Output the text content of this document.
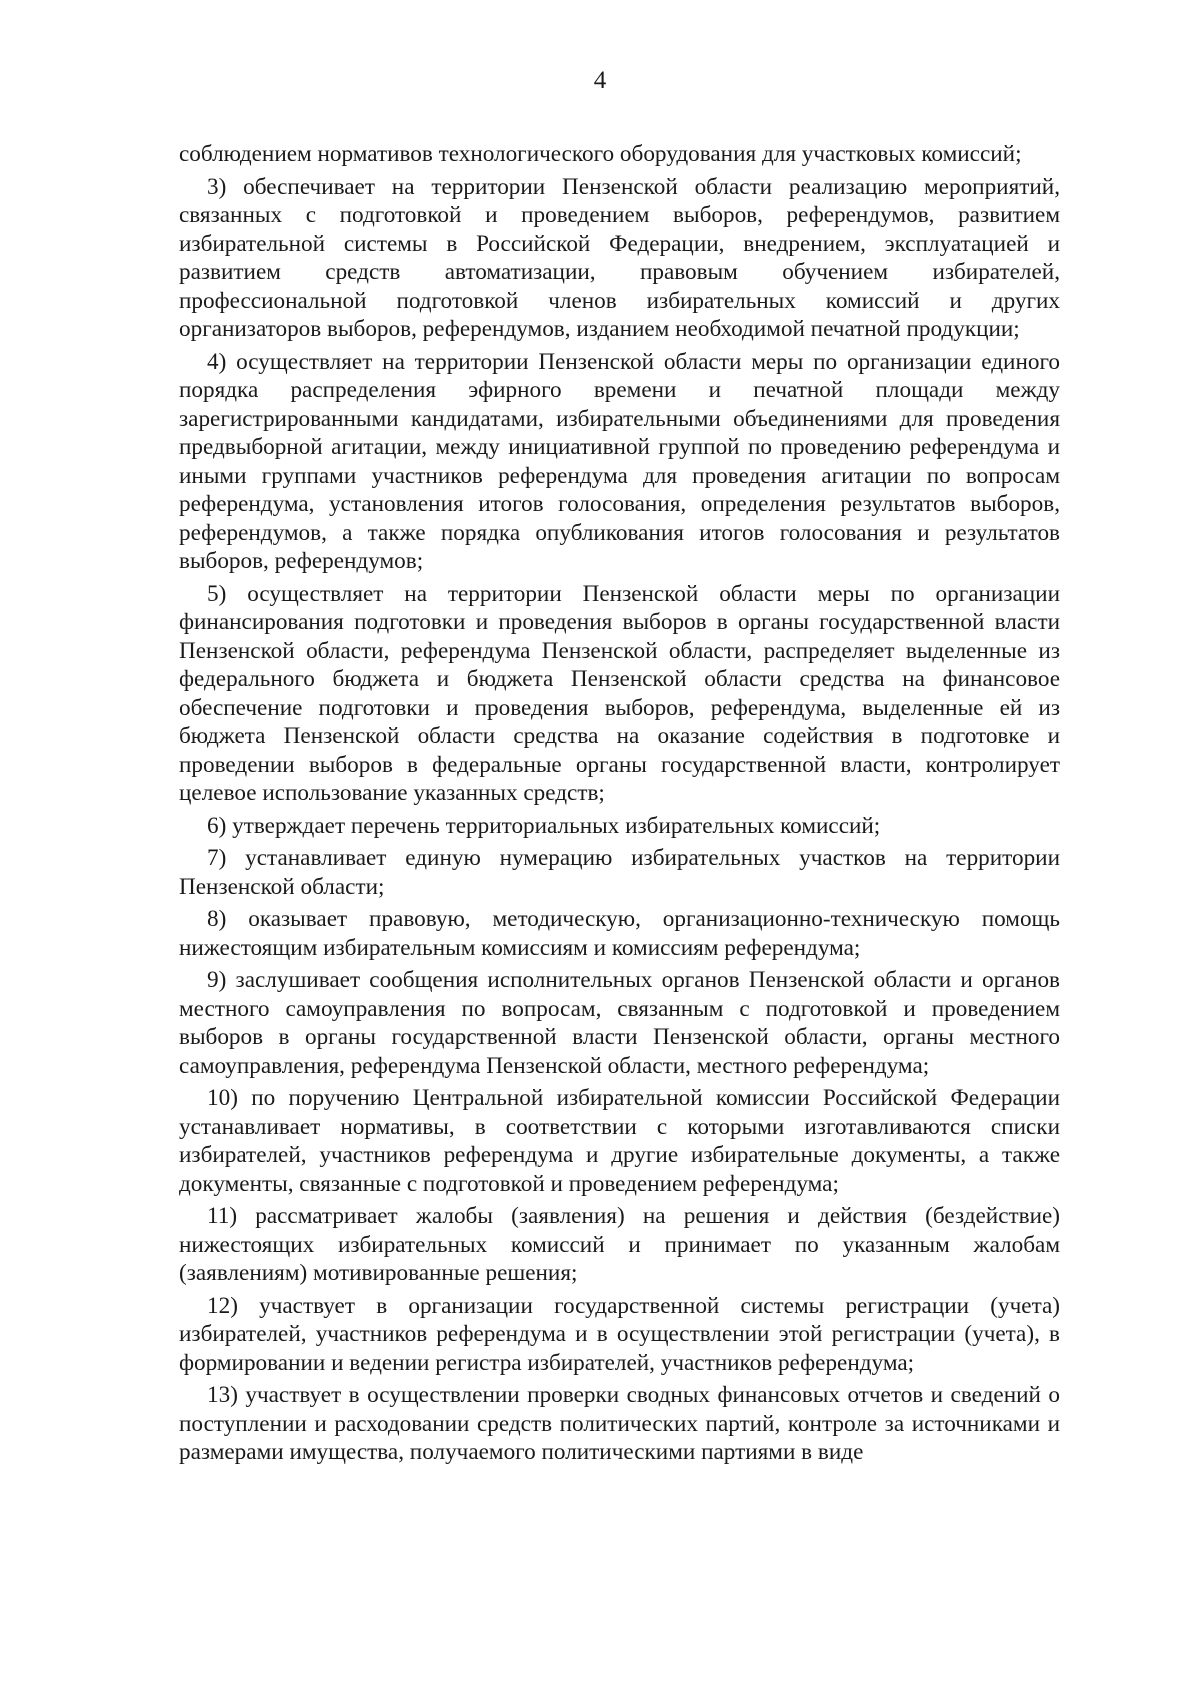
4

соблюдением нормативов технологического оборудования для участковых комиссий;

3) обеспечивает на территории Пензенской области реализацию мероприятий, связанных с подготовкой и проведением выборов, референдумов, развитием избирательной системы в Российской Федерации, внедрением, эксплуатацией и развитием средств автоматизации, правовым обучением избирателей, профессиональной подготовкой членов избирательных комиссий и других организаторов выборов, референдумов, изданием необходимой печатной продукции;

4) осуществляет на территории Пензенской области меры по организации единого порядка распределения эфирного времени и печатной площади между зарегистрированными кандидатами, избирательными объединениями для проведения предвыборной агитации, между инициативной группой по проведению референдума и иными группами участников референдума для проведения агитации по вопросам референдума, установления итогов голосования, определения результатов выборов, референдумов, а также порядка опубликования итогов голосования и результатов выборов, референдумов;

5) осуществляет на территории Пензенской области меры по организации финансирования подготовки и проведения выборов в органы государственной власти Пензенской области, референдума Пензенской области, распределяет выделенные из федерального бюджета и бюджета Пензенской области средства на финансовое обеспечение подготовки и проведения выборов, референдума, выделенные ей из бюджета Пензенской области средства на оказание содействия в подготовке и проведении выборов в федеральные органы государственной власти, контролирует целевое использование указанных средств;

6) утверждает перечень территориальных избирательных комиссий;

7) устанавливает единую нумерацию избирательных участков на территории Пензенской области;

8) оказывает правовую, методическую, организационно-техническую помощь нижестоящим избирательным комиссиям и комиссиям референдума;

9) заслушивает сообщения исполнительных органов Пензенской области и органов местного самоуправления по вопросам, связанным с подготовкой и проведением выборов в органы государственной власти Пензенской области, органы местного самоуправления, референдума Пензенской области, местного референдума;

10) по поручению Центральной избирательной комиссии Российской Федерации устанавливает нормативы, в соответствии с которыми изготавливаются списки избирателей, участников референдума и другие избирательные документы, а также документы, связанные с подготовкой и проведением референдума;

11) рассматривает жалобы (заявления) на решения и действия (бездействие) нижестоящих избирательных комиссий и принимает по указанным жалобам (заявлениям) мотивированные решения;

12) участвует в организации государственной системы регистрации (учета) избирателей, участников референдума и в осуществлении этой регистрации (учета), в формировании и ведении регистра избирателей, участников референдума;

13) участвует в осуществлении проверки сводных финансовых отчетов и сведений о поступлении и расходовании средств политических партий, контроле за источниками и размерами имущества, получаемого политическими партиями в виде
